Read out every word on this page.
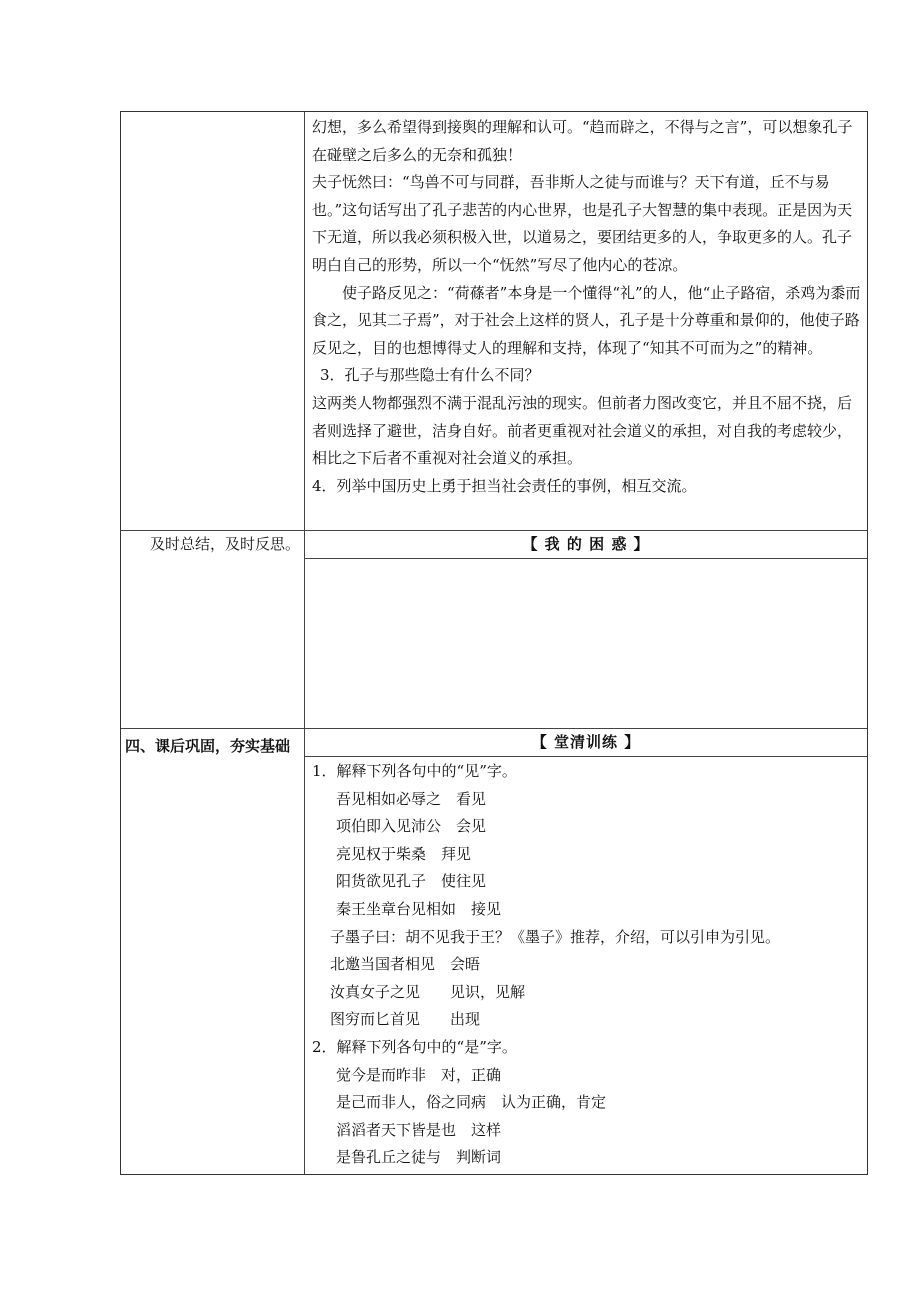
幻想，多么希望得到接舆的理解和认可。“趋而辟之，不得与之言”，可以想象孔子在碰壁之后多么的无奈和孤独！

夫子怃然曰：“鸟兽不可与同群，吾非斯人之徒与而谁与？天下有道，丘不与易也。”这句话写出了孔子悲苦的内心世界，也是孔子大智慧的集中表现。正是因为天下无道，所以我必须积极入世，以道易之，要团结更多的人，争取更多的人。孔子明白自己的形势，所以一个“怃然”写尽了他内心的苍凉。

使子路反见之：“荷蓧者”本身是一个懂得“礼”的人，他“止子路宿，杀鸡为黍而食之，见其二子焉”，对于社会上这样的贤人，孔子是十分尊重和景仰的，他使子路反见之，目的也想博得丈人的理解和支持，体现了“知其不可而为之”的精神。

3．孔子与那些隐士有什么不同？

这两类人物都强烈不满于混乱污浊的现实。但前者力图改变它，并且不屈不挠，后者则选择了避世，洁身自好。前者更重视对社会道义的承担，对自我的考虑较少，相比之下后者不重视对社会道义的承担。

4．列举中国历史上勇于担当社会责任的事例，相互交流。

及时总结，及时反思。	【 我 的 困 惑 】
四、课后巩固，夯实基础	【 堂清训练 】

1．解释下列各句中的“见”字。

吾见相如必辱之　看见

项伯即入见沛公　会见

亮见权于柴桑　拜见

阳货欲见孔子　使往见

秦王坐章台见相如　接见

子墨子曰：胡不见我于王？《墨子》推荐，介绍，可以引申为引见。

北邀当国者相见　会晤

汝真女子之见　　见识，见解

图穷而匕首见　　出现

2．解释下列各句中的“是”字。

觉今是而昨非　对，正确

是己而非人，俗之同病　认为正确，肯定

滔滔者天下皆是也　这样

是鲁孔丘之徒与　判断词
